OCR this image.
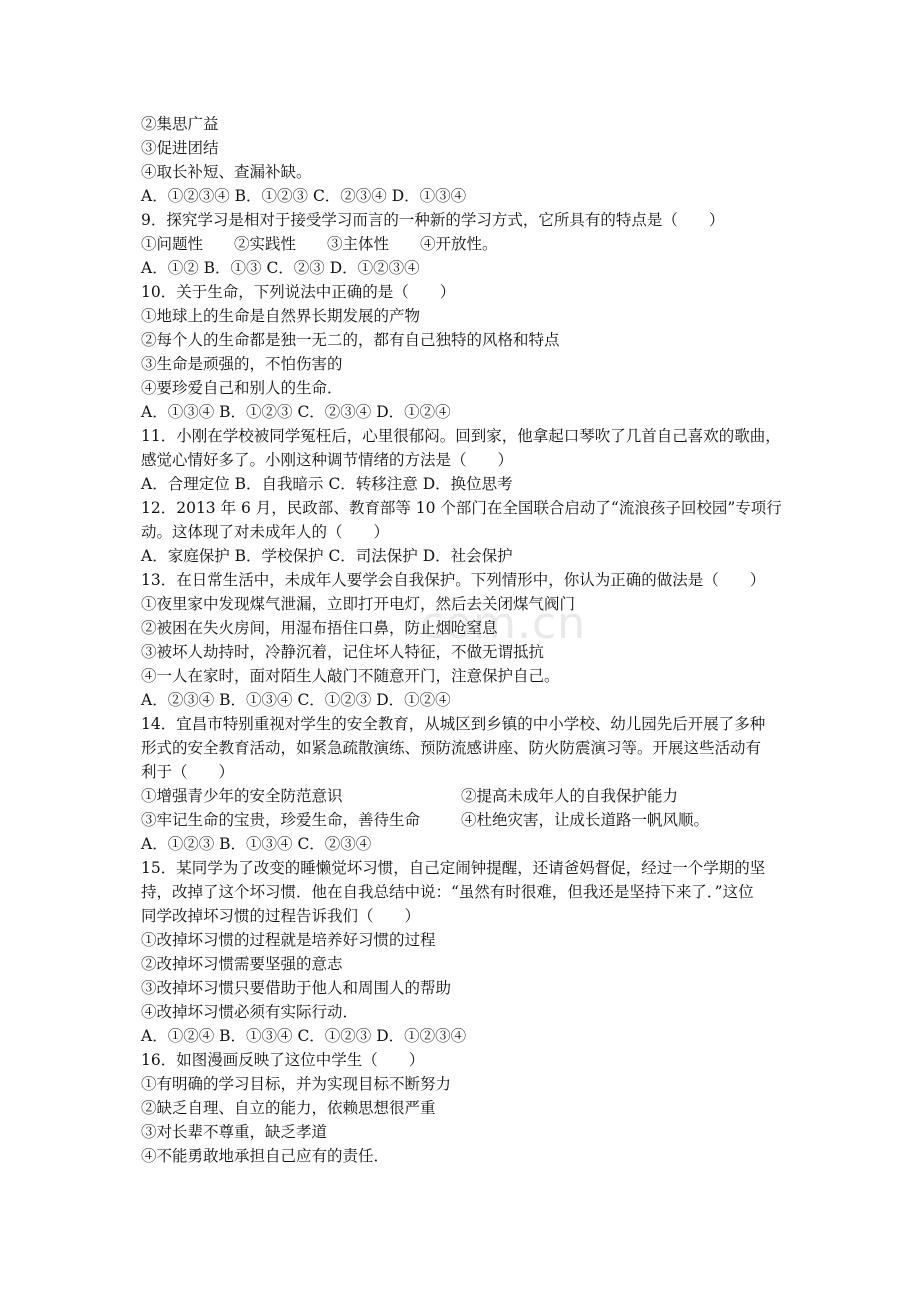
com.cn
②集思广益
③促进团结
④取长补短、查漏补缺。
A．①②③④ B．①②③ C．②③④ D．①③④
9．探究学习是相对于接受学习而言的一种新的学习方式，它所具有的特点是（　　）
①问题性　　②实践性　　③主体性　　④开放性。
A．①② B．①③ C．②③ D．①②③④
10．关于生命，下列说法中正确的是（　　）
①地球上的生命是自然界长期发展的产物
②每个人的生命都是独一无二的，都有自己独特的风格和特点
③生命是顽强的，不怕伤害的
④要珍爱自己和别人的生命．
A．①③④ B．①②③ C．②③④ D．①②④
11．小刚在学校被同学冤枉后，心里很郁闷。回到家，他拿起口琴吹了几首自己喜欢的歌曲，
感觉心情好多了。小刚这种调节情绪的方法是（　　）
A．合理定位 B．自我暗示 C．转移注意 D．换位思考
12．2013 年 6 月，民政部、教育部等 10 个部门在全国联合启动了“流浪孩子回校园”专项行
动。这体现了对未成年人的（　　）
A．家庭保护 B．学校保护 C．司法保护 D．社会保护
13．在日常生活中，未成年人要学会自我保护。下列情形中，你认为正确的做法是（　　）
①夜里家中发现煤气泄漏，立即打开电灯，然后去关闭煤气阀门
②被困在失火房间，用湿布捂住口鼻，防止烟呛窒息
③被坏人劫持时，冷静沉着，记住坏人特征，不做无谓抵抗
④一人在家时，面对陌生人敲门不随意开门，注意保护自己。
A．②③④ B．①③④ C．①②③ D．①②④
14．宜昌市特别重视对学生的安全教育，从城区到乡镇的中小学校、幼儿园先后开展了多种
形式的安全教育活动，如紧急疏散演练、预防流感讲座、防火防震演习等。开展这些活动有
利于（　　）
①增强青少年的安全防范意识	②提高未成年人的自我保护能力
③牢记生命的宝贵，珍爱生命，善待生命	④杜绝灾害，让成长道路一帆风顺。
A．①②③ B．①③④ C．②③④
15．某同学为了改变的睡懒觉坏习惯，自己定闹钟提醒，还请爸妈督促，经过一个学期的坚
持，改掉了这个坏习惯．他在自我总结中说：“虽然有时很难，但我还是坚持下来了．”这位
同学改掉坏习惯的过程告诉我们（　　）
①改掉坏习惯的过程就是培养好习惯的过程
②改掉坏习惯需要坚强的意志
③改掉坏习惯只要借助于他人和周围人的帮助
④改掉坏习惯必须有实际行动．
A．①②④ B．①③④ C．①②③ D．①②③④
16．如图漫画反映了这位中学生（　　）
①有明确的学习目标，并为实现目标不断努力
②缺乏自理、自立的能力，依赖思想很严重
③对长辈不尊重，缺乏孝道
④不能勇敢地承担自己应有的责任．
